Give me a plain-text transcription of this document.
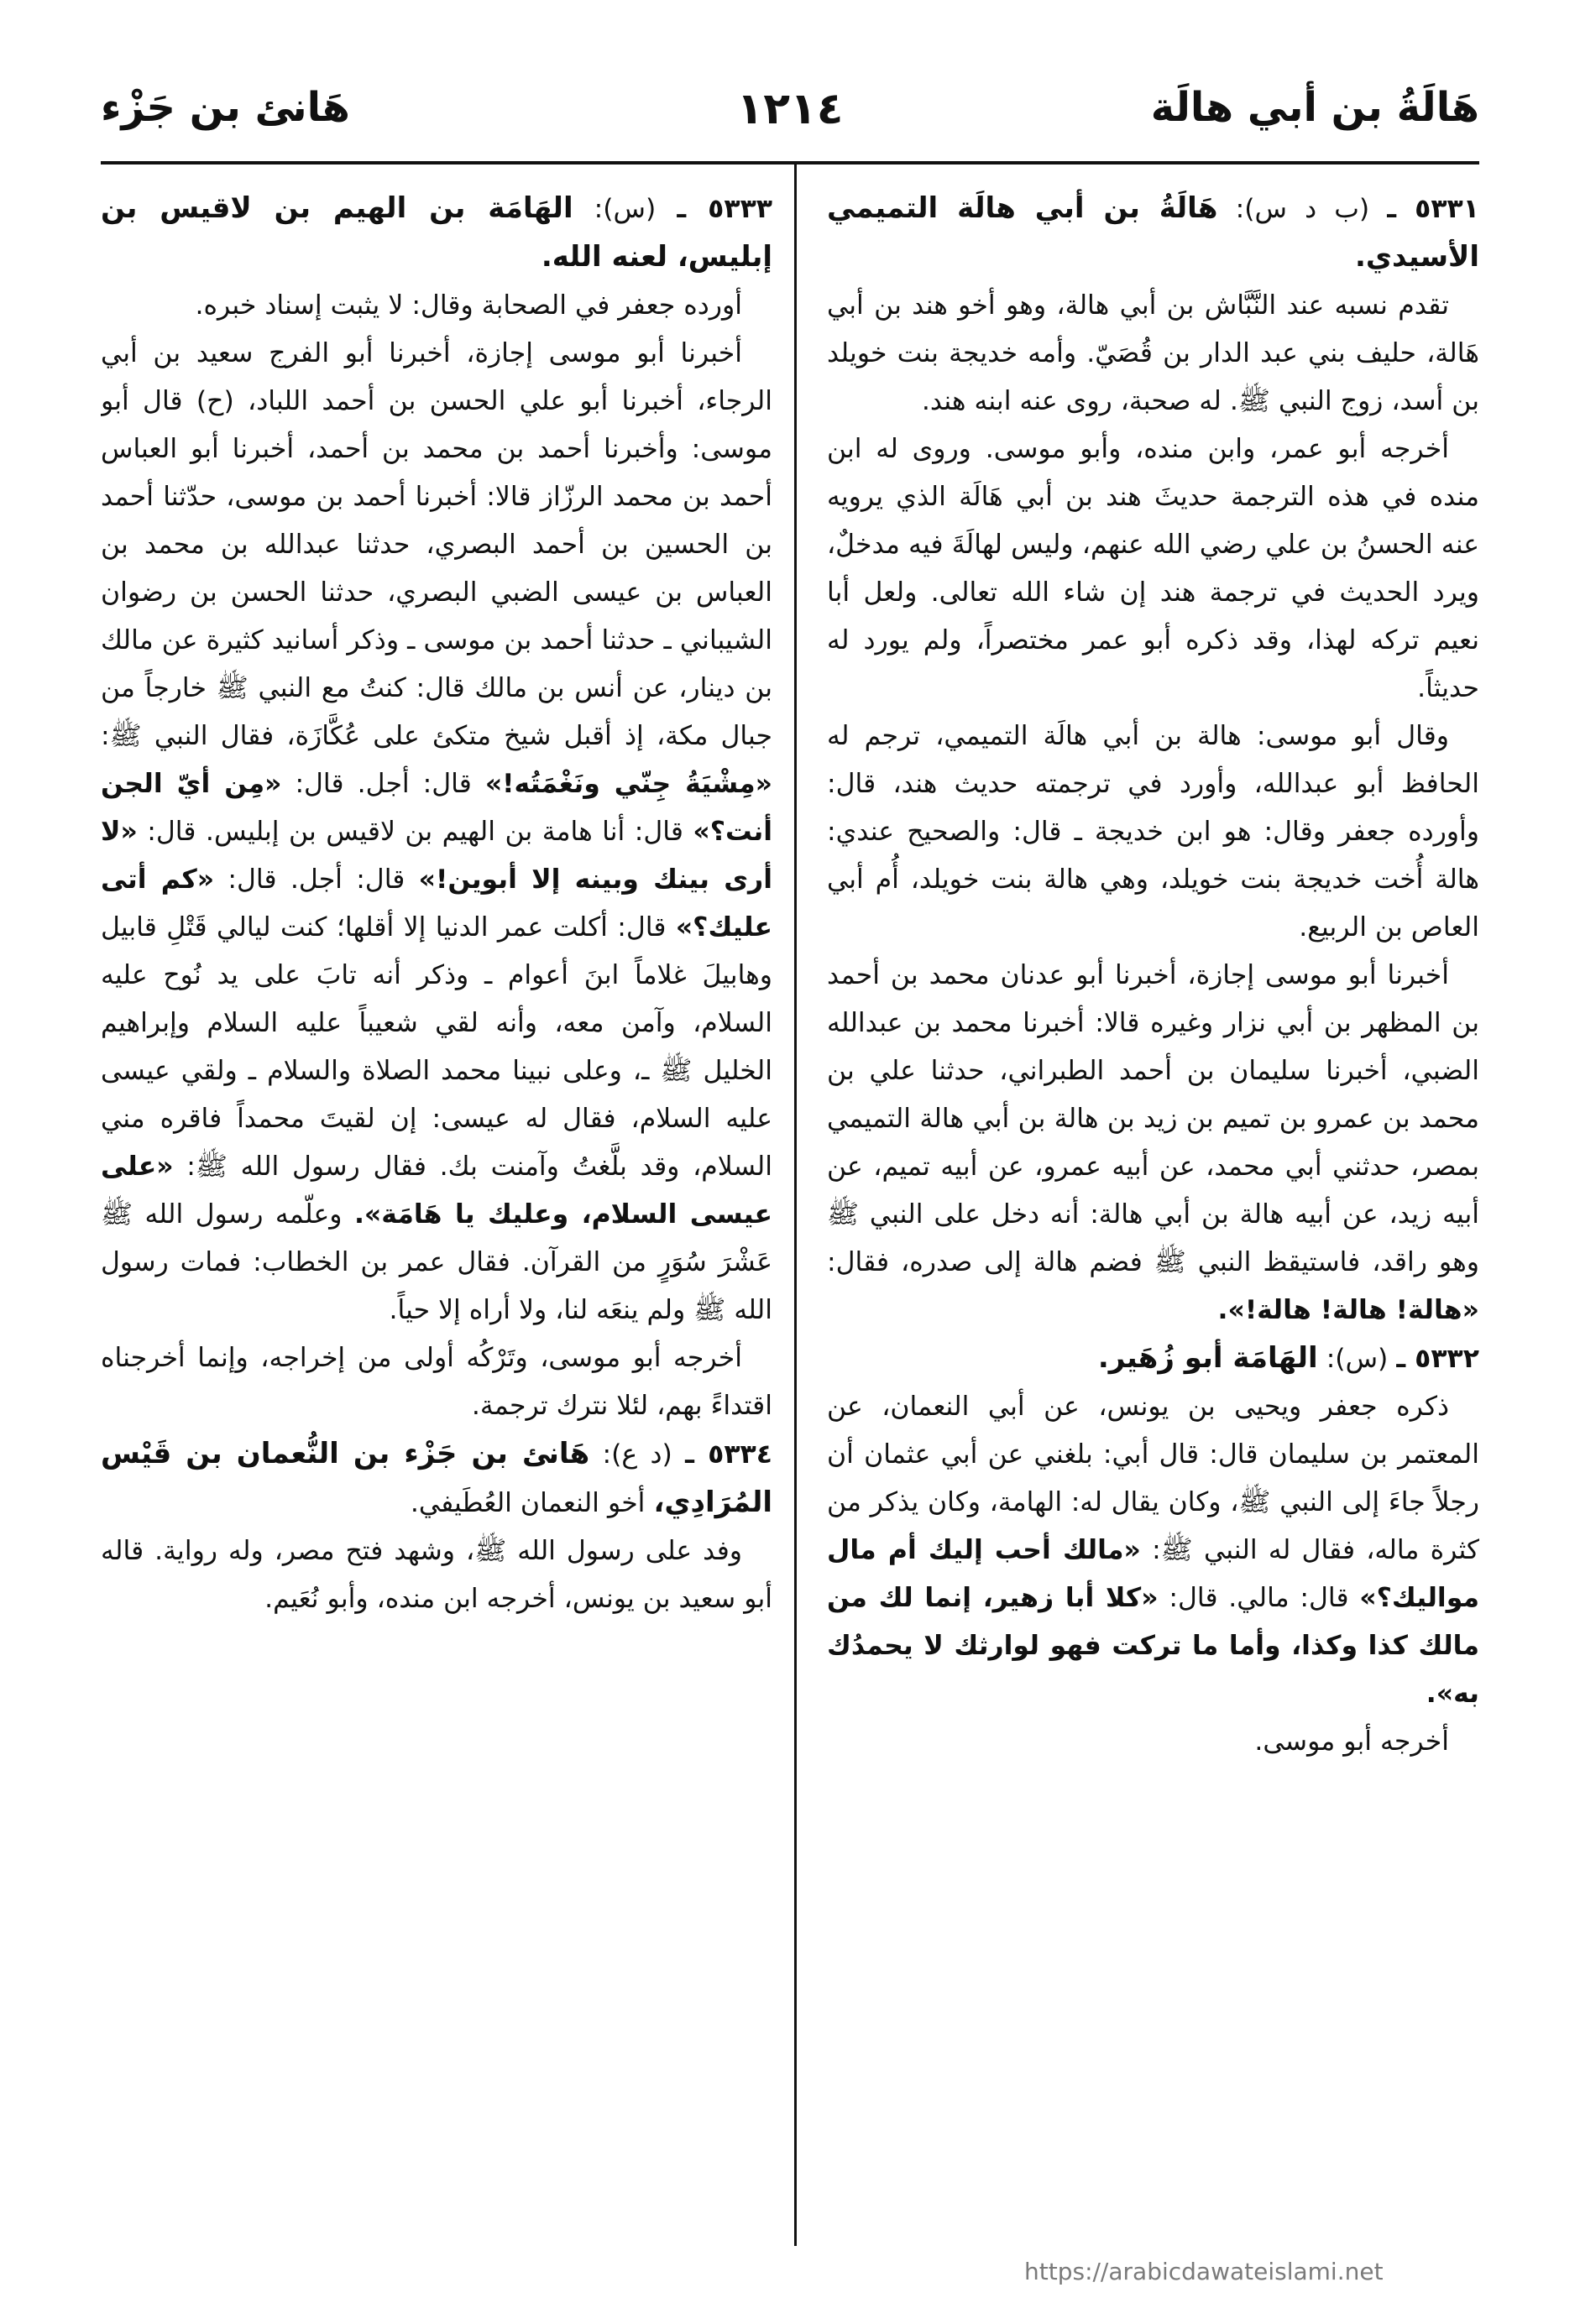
هَالَةُ بن أبي هالَة
١٢١٤
هَانئ بن جَزْء

٥٣٣١ ـ (ب د س): هَالَةُ بن أبي هالَة التميمي الأسيدي.

تقدم نسبه عند النَّبَّاش بن أبي هالة، وهو أخو هند بن أبي هَالة، حليف بني عبد الدار بن قُصَيّ. وأمه خديجة بنت خويلد بن أسد، زوج النبي ﷺ. له صحبة، روى عنه ابنه هند.

أخرجه أبو عمر، وابن منده، وأبو موسى. وروى له ابن منده في هذه الترجمة حديثَ هند بن أبي هَالَة الذي يرويه عنه الحسنُ بن علي رضي الله عنهم، وليس لهالَةَ فيه مدخلٌ، ويرد الحديث في ترجمة هند إن شاء الله تعالى. ولعل أبا نعيم تركه لهذا، وقد ذكره أبو عمر مختصراً، ولم يورد له حديثاً.

وقال أبو موسى: هالة بن أبي هالَة التميمي، ترجم له الحافظ أبو عبدالله، وأورد في ترجمته حديث هند، قال: وأورده جعفر وقال: هو ابن خديجة ـ قال: والصحيح عندي: هالة أُخت خديجة بنت خويلد، وهي هالة بنت خويلد، أُم أبي العاص بن الربيع.

أخبرنا أبو موسى إجازة، أخبرنا أبو عدنان محمد بن أحمد بن المظهر بن أبي نزار وغيره قالا: أخبرنا محمد بن عبدالله الضبي، أخبرنا سليمان بن أحمد الطبراني، حدثنا علي بن محمد بن عمرو بن تميم بن زيد بن هالة بن أبي هالة التميمي بمصر، حدثني أبي محمد، عن أبيه عمرو، عن أبيه تميم، عن أبيه زيد، عن أبيه هالة بن أبي هالة: أنه دخل على النبي ﷺ وهو راقد، فاستيقظ النبي ﷺ فضم هالة إلى صدره، فقال: «هالة! هالة! هالة!».

٥٣٣٢ ـ (س): الهَامَة أبو زُهَير.

ذكره جعفر ويحيى بن يونس، عن أبي النعمان، عن المعتمر بن سليمان قال: قال أبي: بلغني عن أبي عثمان أن رجلاً جاءَ إلى النبي ﷺ، وكان يقال له: الهامة، وكان يذكر من كثرة ماله، فقال له النبي ﷺ: «مالك أحب إليك أم مال مواليك؟» قال: مالي. قال: «كلا أبا زهير، إنما لك من مالك كذا وكذا، وأما ما تركت فهو لوارثك لا يحمدُك به».

أخرجه أبو موسى.

٥٣٣٣ ـ (س): الهَامَة بن الهيم بن لاقيس بن إبليس، لعنه الله.

أورده جعفر في الصحابة وقال: لا يثبت إسناد خبره.

أخبرنا أبو موسى إجازة، أخبرنا أبو الفرج سعيد بن أبي الرجاء، أخبرنا أبو علي الحسن بن أحمد اللباد، (ح) قال أبو موسى: وأخبرنا أحمد بن محمد بن أحمد، أخبرنا أبو العباس أحمد بن محمد الرزّاز قالا: أخبرنا أحمد بن موسى، حدّثنا أحمد بن الحسين بن أحمد البصري، حدثنا عبدالله بن محمد بن العباس بن عيسى الضبي البصري، حدثنا الحسن بن رضوان الشيباني ـ حدثنا أحمد بن موسى ـ وذكر أسانيد كثيرة عن مالك بن دينار، عن أنس بن مالك قال: كنتُ مع النبي ﷺ خارجاً من جبال مكة، إذ أقبل شيخ متكئ على عُكَّازَة، فقال النبي ﷺ: «مِشْيَةُ جِنّي ونَغْمَتُه!» قال: أجل. قال: «مِن أيّ الجن أنت؟» قال: أنا هامة بن الهيم بن لاقيس بن إبليس. قال: «لا أرى بينك وبينه إلا أبوين!» قال: أجل. قال: «كم أتى عليك؟» قال: أكلت عمر الدنيا إلا أقلها؛ كنت ليالي قَتْلِ قابيل وهابيلَ غلاماً ابنَ أعوام ـ وذكر أنه تابَ على يد نُوح عليه السلام، وآمن معه، وأنه لقي شعيباً عليه السلام وإبراهيم الخليل ﷺ ـ، وعلى نبينا محمد الصلاة والسلام ـ ولقي عيسى عليه السلام، فقال له عيسى: إن لقيتَ محمداً فاقره مني السلام، وقد بلَّغتُ وآمنت بك. فقال رسول الله ﷺ: «على عيسى السلام، وعليك يا هَامَة». وعلّمه رسول الله ﷺ عَشْرَ سُوَرٍ من القرآن. فقال عمر بن الخطاب: فمات رسول الله ﷺ ولم ينعَه لنا، ولا أراه إلا حياً.

أخرجه أبو موسى، وتَرْكُه أولى من إخراجه، وإنما أخرجناه اقتداءً بهم، لئلا نترك ترجمة.

٥٣٣٤ ـ (د ع): هَانئ بن جَزْء بن النُّعمان بن قَيْس المُرَادِي، أخو النعمان العُطَيفي.

وفد على رسول الله ﷺ، وشهد فتح مصر، وله رواية. قاله أبو سعيد بن يونس، أخرجه ابن منده، وأبو نُعَيم.

https://arabicdawateislami.net
